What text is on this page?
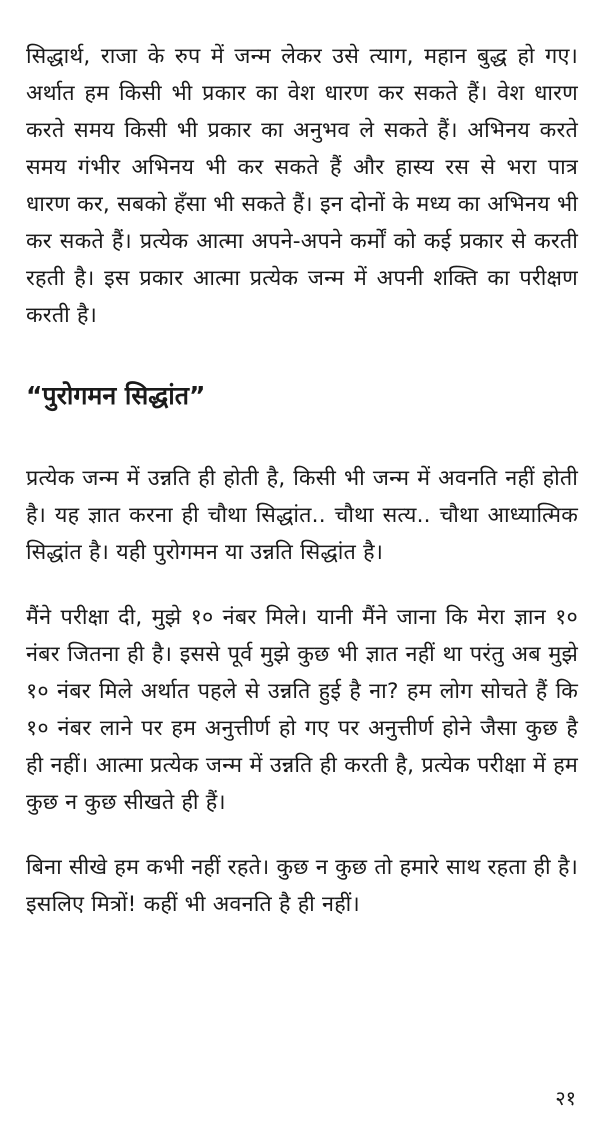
सिद्धार्थ, राजा के रुप में जन्म लेकर उसे त्याग, महान बुद्ध हो गए। अर्थात हम किसी भी प्रकार का वेश धारण कर सकते हैं। वेश धारण करते समय किसी भी प्रकार का अनुभव ले सकते हैं। अभिनय करते समय गंभीर अभिनय भी कर सकते हैं और हास्य रस से भरा पात्र धारण कर, सबको हँसा भी सकते हैं। इन दोनों के मध्य का अभिनय भी कर सकते हैं। प्रत्येक आत्मा अपने-अपने कर्मों को कई प्रकार से करती रहती है। इस प्रकार आत्मा प्रत्येक जन्म में अपनी शक्ति का परीक्षण करती है।

“पुरोगमन सिद्धांत”

प्रत्येक जन्म में उन्नति ही होती है, किसी भी जन्म में अवनति नहीं होती है। यह ज्ञात करना ही चौथा सिद्धांत.. चौथा सत्य.. चौथा आध्यात्मिक सिद्धांत है। यही पुरोगमन या उन्नति सिद्धांत है।

मैंने परीक्षा दी, मुझे १० नंबर मिले। यानी मैंने जाना कि मेरा ज्ञान १० नंबर जितना ही है। इससे पूर्व मुझे कुछ भी ज्ञात नहीं था परंतु अब मुझे १० नंबर मिले अर्थात पहले से उन्नति हुई है ना? हम लोग सोचते हैं कि १० नंबर लाने पर हम अनुत्तीर्ण हो गए पर अनुत्तीर्ण होने जैसा कुछ है ही नहीं। आत्मा प्रत्येक जन्म में उन्नति ही करती है, प्रत्येक परीक्षा में हम कुछ न कुछ सीखते ही हैं।

बिना सीखे हम कभी नहीं रहते। कुछ न कुछ तो हमारे साथ रहता ही है। इसलिए मित्रों! कहीं भी अवनति है ही नहीं।

२१
